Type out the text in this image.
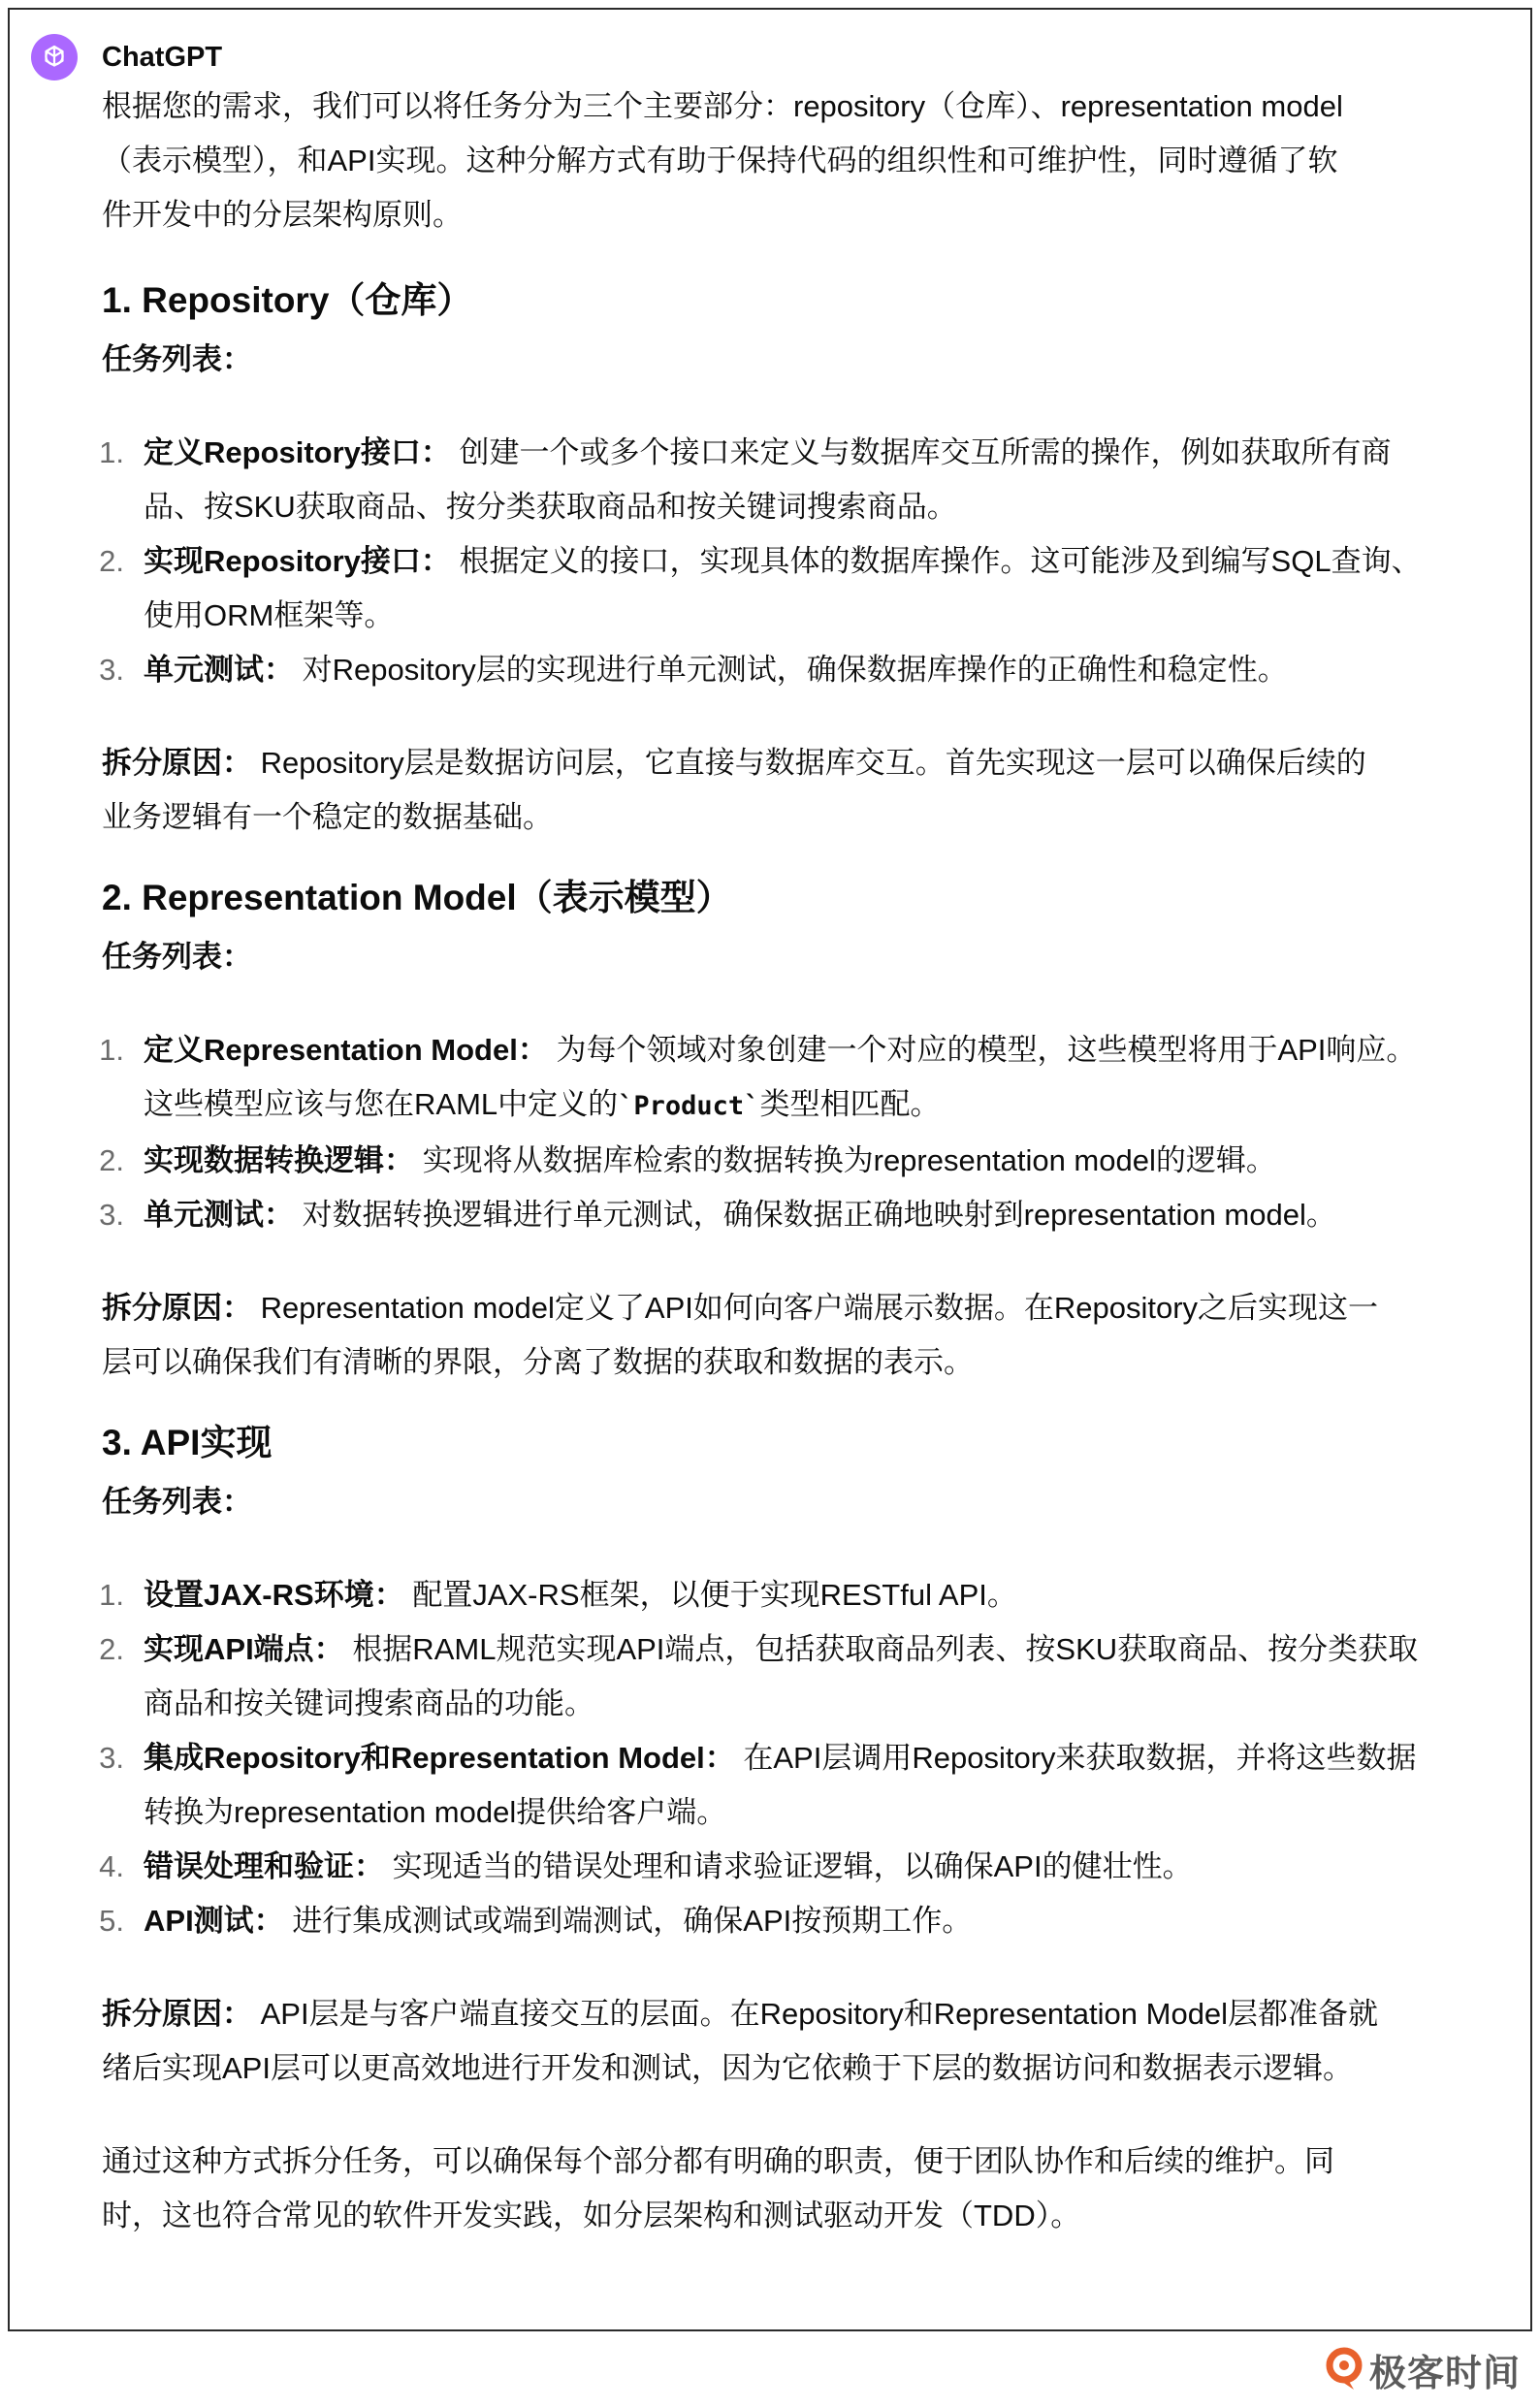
ChatGPT

根据您的需求，我们可以将任务分为三个主要部分：repository（仓库）、representation model
（表示模型），和API实现。这种分解方式有助于保持代码的组织性和可维护性，同时遵循了软
件开发中的分层架构原则。

1. Repository（仓库）

任务列表：

1. 定义Repository接口： 创建一个或多个接口来定义与数据库交互所需的操作，例如获取所有商
品、按SKU获取商品、按分类获取商品和按关键词搜索商品。
2. 实现Repository接口： 根据定义的接口，实现具体的数据库操作。这可能涉及到编写SQL查询、
使用ORM框架等。
3. 单元测试： 对Repository层的实现进行单元测试，确保数据库操作的正确性和稳定性。

拆分原因： Repository层是数据访问层，它直接与数据库交互。首先实现这一层可以确保后续的
业务逻辑有一个稳定的数据基础。

2. Representation Model（表示模型）

任务列表：

1. 定义Representation Model： 为每个领域对象创建一个对应的模型，这些模型将用于API响应。
这些模型应该与您在RAML中定义的`Product`类型相匹配。
2. 实现数据转换逻辑： 实现将从数据库检索的数据转换为representation model的逻辑。
3. 单元测试： 对数据转换逻辑进行单元测试，确保数据正确地映射到representation model。

拆分原因： Representation model定义了API如何向客户端展示数据。在Repository之后实现这一
层可以确保我们有清晰的界限，分离了数据的获取和数据的表示。

3. API实现

任务列表：

1. 设置JAX-RS环境： 配置JAX-RS框架，以便于实现RESTful API。
2. 实现API端点： 根据RAML规范实现API端点，包括获取商品列表、按SKU获取商品、按分类获取
商品和按关键词搜索商品的功能。
3. 集成Repository和Representation Model： 在API层调用Repository来获取数据，并将这些数据
转换为representation model提供给客户端。
4. 错误处理和验证： 实现适当的错误处理和请求验证逻辑，以确保API的健壮性。
5. API测试： 进行集成测试或端到端测试，确保API按预期工作。

拆分原因： API层是与客户端直接交互的层面。在Repository和Representation Model层都准备就
绪后实现API层可以更高效地进行开发和测试，因为它依赖于下层的数据访问和数据表示逻辑。

通过这种方式拆分任务，可以确保每个部分都有明确的职责，便于团队协作和后续的维护。同
时，这也符合常见的软件开发实践，如分层架构和测试驱动开发（TDD）。

极客时间
